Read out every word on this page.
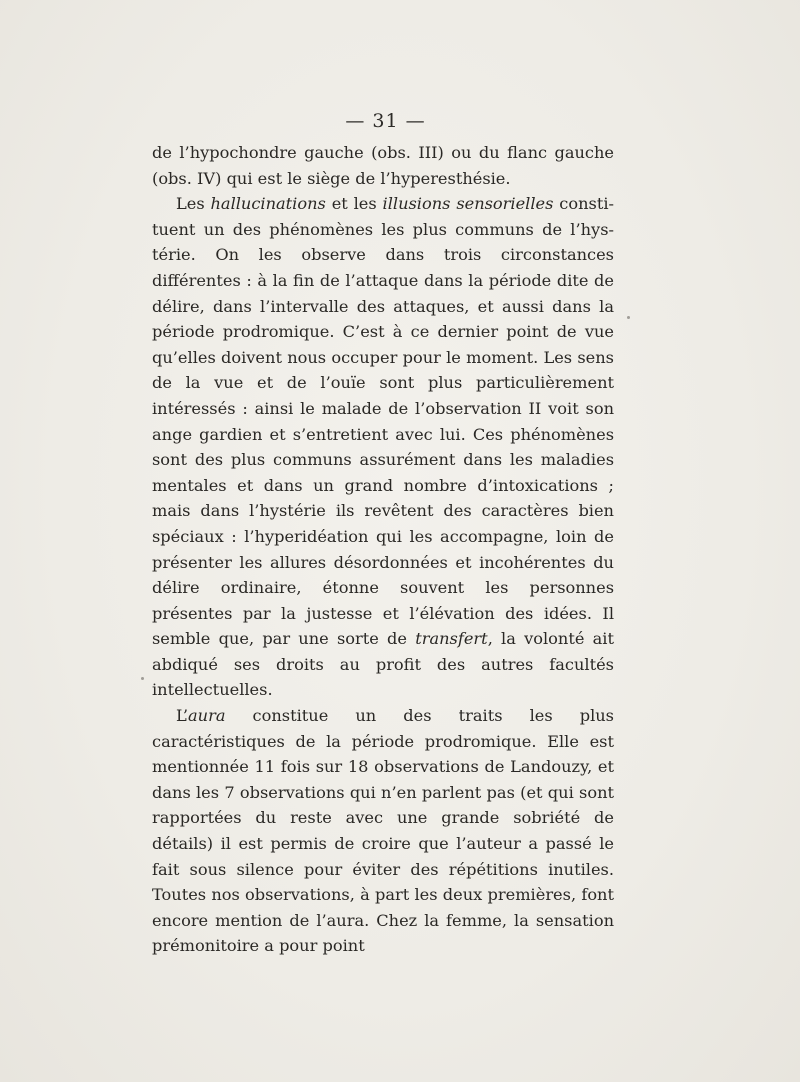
— 31 —

de l’hypochondre gauche (obs. III) ou du flanc gauche (obs. IV) qui est le siège de l’hyperesthésie.

Les hallucinations et les illusions sensorielles constituent un des phénomènes les plus communs de l’hystérie. On les observe dans trois circonstances différentes : à la fin de l’attaque dans la période dite de délire, dans l’intervalle des attaques, et aussi dans la période prodromique. C’est à ce dernier point de vue qu’elles doivent nous occuper pour le moment. Les sens de la vue et de l’ouïe sont plus particulièrement intéressés : ainsi le malade de l’observation II voit son ange gardien et s’entretient avec lui. Ces phénomènes sont des plus communs assurément dans les maladies mentales et dans un grand nombre d’intoxications ; mais dans l’hystérie ils revêtent des caractères bien spéciaux : l’hyperidéation qui les accompagne, loin de présenter les allures désordonnées et incohérentes du délire ordinaire, étonne souvent les personnes présentes par la justesse et l’élévation des idées. Il semble que, par une sorte de transfert, la volonté ait abdiqué ses droits au profit des autres facultés intellectuelles.

L’aura constitue un des traits les plus caractéristiques de la période prodromique. Elle est mentionnée 11 fois sur 18 observations de Landouzy, et dans les 7 observations qui n’en parlent pas (et qui sont rapportées du reste avec une grande sobriété de détails) il est permis de croire que l’auteur a passé le fait sous silence pour éviter des répétitions inutiles. Toutes nos observations, à part les deux premières, font encore mention de l’aura. Chez la femme, la sensation prémonitoire a pour point
